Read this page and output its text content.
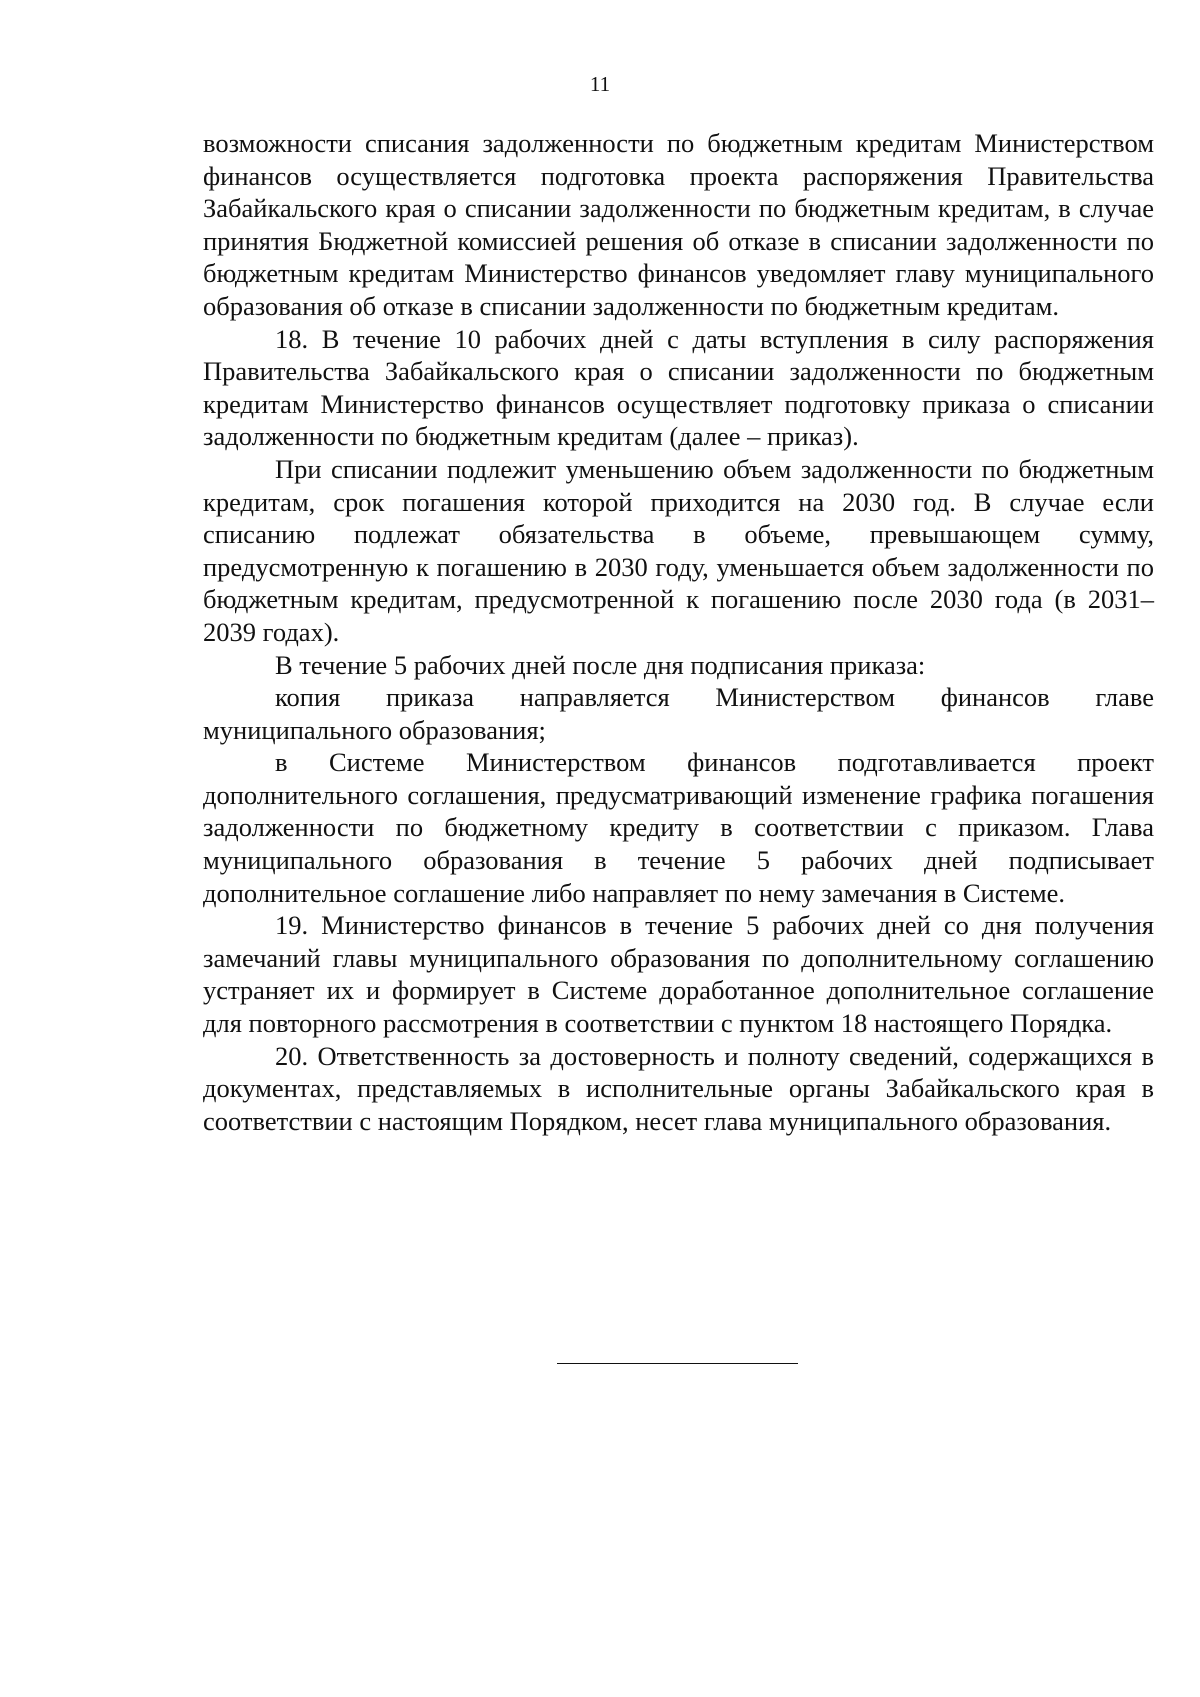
11

возможности списания задолженности по бюджетным кредитам Министерством финансов осуществляется подготовка проекта распоряжения Правительства Забайкальского края о списании задолженности по бюджетным кредитам, в случае принятия Бюджетной комиссией решения об отказе в списании задолженности по бюджетным кредитам Министерство финансов уведомляет главу муниципального образования об отказе в списании задолженности по бюджетным кредитам.

18. В течение 10 рабочих дней с даты вступления в силу распоряжения Правительства Забайкальского края о списании задолженности по бюджетным кредитам Министерство финансов осуществляет подготовку приказа о списании задолженности по бюджетным кредитам (далее – приказ).

При списании подлежит уменьшению объем задолженности по бюджетным кредитам, срок погашения которой приходится на 2030 год. В случае если списанию подлежат обязательства в объеме, превышающем сумму, предусмотренную к погашению в 2030 году, уменьшается объем задолженности по бюджетным кредитам, предусмотренной к погашению после 2030 года (в 2031–2039 годах).

В течение 5 рабочих дней после дня подписания приказа:

копия приказа направляется Министерством финансов главе муниципального образования;

в Системе Министерством финансов подготавливается проект дополнительного соглашения, предусматривающий изменение графика погашения задолженности по бюджетному кредиту в соответствии с приказом. Глава муниципального образования в течение 5 рабочих дней подписывает дополнительное соглашение либо направляет по нему замечания в Системе.

19. Министерство финансов в течение 5 рабочих дней со дня получения замечаний главы муниципального образования по дополнительному соглашению устраняет их и формирует в Системе доработанное дополнительное соглашение для повторного рассмотрения в соответствии с пунктом 18 настоящего Порядка.

20. Ответственность за достоверность и полноту сведений, содержащихся в документах, представляемых в исполнительные органы Забайкальского края в соответствии с настоящим Порядком, несет глава муниципального образования.
